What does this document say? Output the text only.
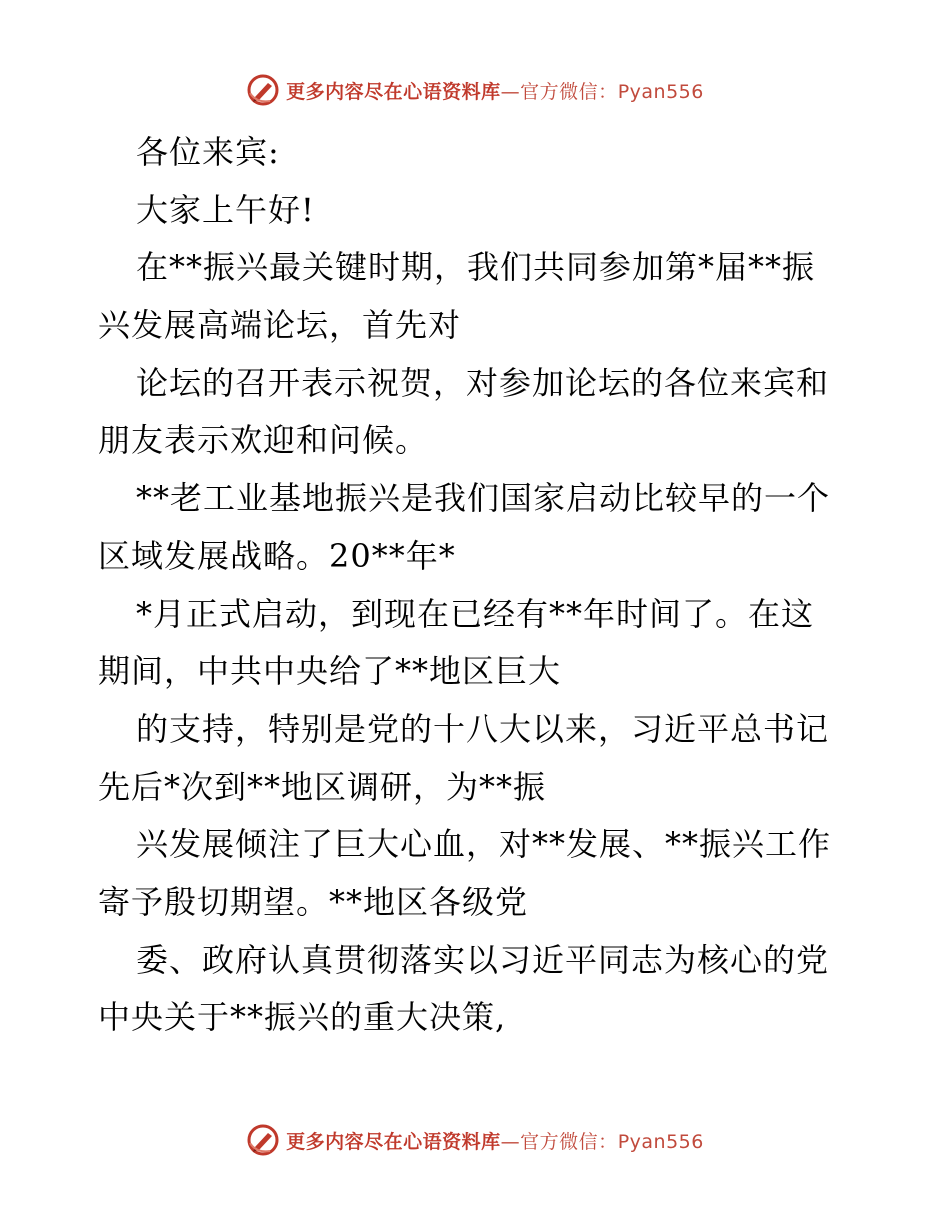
更多内容尽在心语资料库—官方微信：Pyan556
各位来宾:
大家上午好!
在**振兴最关键时期，我们共同参加第*届**振
兴发展高端论坛，首先对
论坛的召开表示祝贺，对参加论坛的各位来宾和
朋友表示欢迎和问候。
**老工业基地振兴是我们国家启动比较早的一个
区域发展战略。20**年*
*月正式启动，到现在已经有**年时间了。在这
期间，中共中央给了**地区巨大
的支持，特别是党的十八大以来，习近平总书记
先后*次到**地区调研，为**振
兴发展倾注了巨大心血，对**发展、**振兴工作
寄予殷切期望。**地区各级党
委、政府认真贯彻落实以习近平同志为核心的党
中央关于**振兴的重大决策,
更多内容尽在心语资料库—官方微信：Pyan556
